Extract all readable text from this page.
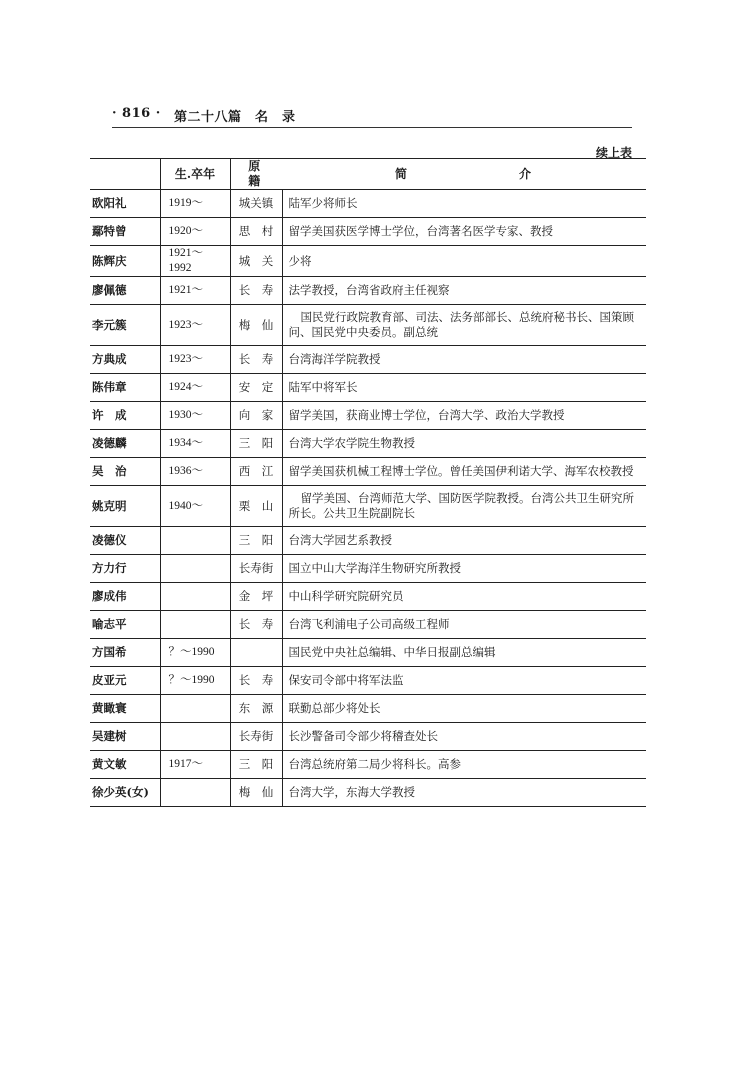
· 816 · 第二十八篇　名　录
续上表
	生.卒年	原　籍	简 介
欧阳礼	1919～	城关镇	陆军少将师长
鄢特曾	1920～	思　村	留学美国获医学博士学位，台湾著名医学专家、教授
陈辉庆	1921～1992	城　关	少将
廖佩德	1921～	长　寿	法学教授，台湾省政府主任视察
李元簇	1923～	梅　仙	国民党行政院教育部、司法、法务部部长、总统府秘书长、国策顾问、国民党中央委员。副总统
方典成	1923～	长　寿	台湾海洋学院教授
陈伟章	1924～	安　定	陆军中将军长
许　成	1930～	向　家	留学美国，获商业博士学位，台湾大学、政治大学教授
凌德麟	1934～	三　阳	台湾大学农学院生物教授
吴　治	1936～	西　江	留学美国获机械工程博士学位。曾任美国伊利诺大学、海军农校教授
姚克明	1940～	栗　山	留学美国、台湾师范大学、国防医学院教授。台湾公共卫生研究所所长。公共卫生院副院长
凌德仪		三　阳	台湾大学园艺系教授
方力行		长寿街	国立中山大学海洋生物研究所教授
廖成伟		金　坪	中山科学研究院研究员
喻志平		长　寿	台湾飞利浦电子公司高级工程师
方国希	？～1990		国民党中央社总编辑、中华日报副总编辑
皮亚元	？～1990	长　寿	保安司令部中将军法监
黄瞰寰		东　源	联勤总部少将处长
吴建树		长寿街	长沙警备司令部少将稽查处长
黄文敏	1917～	三　阳	台湾总统府第二局少将科长。高参
徐少英(女)		梅　仙	台湾大学，东海大学教授
